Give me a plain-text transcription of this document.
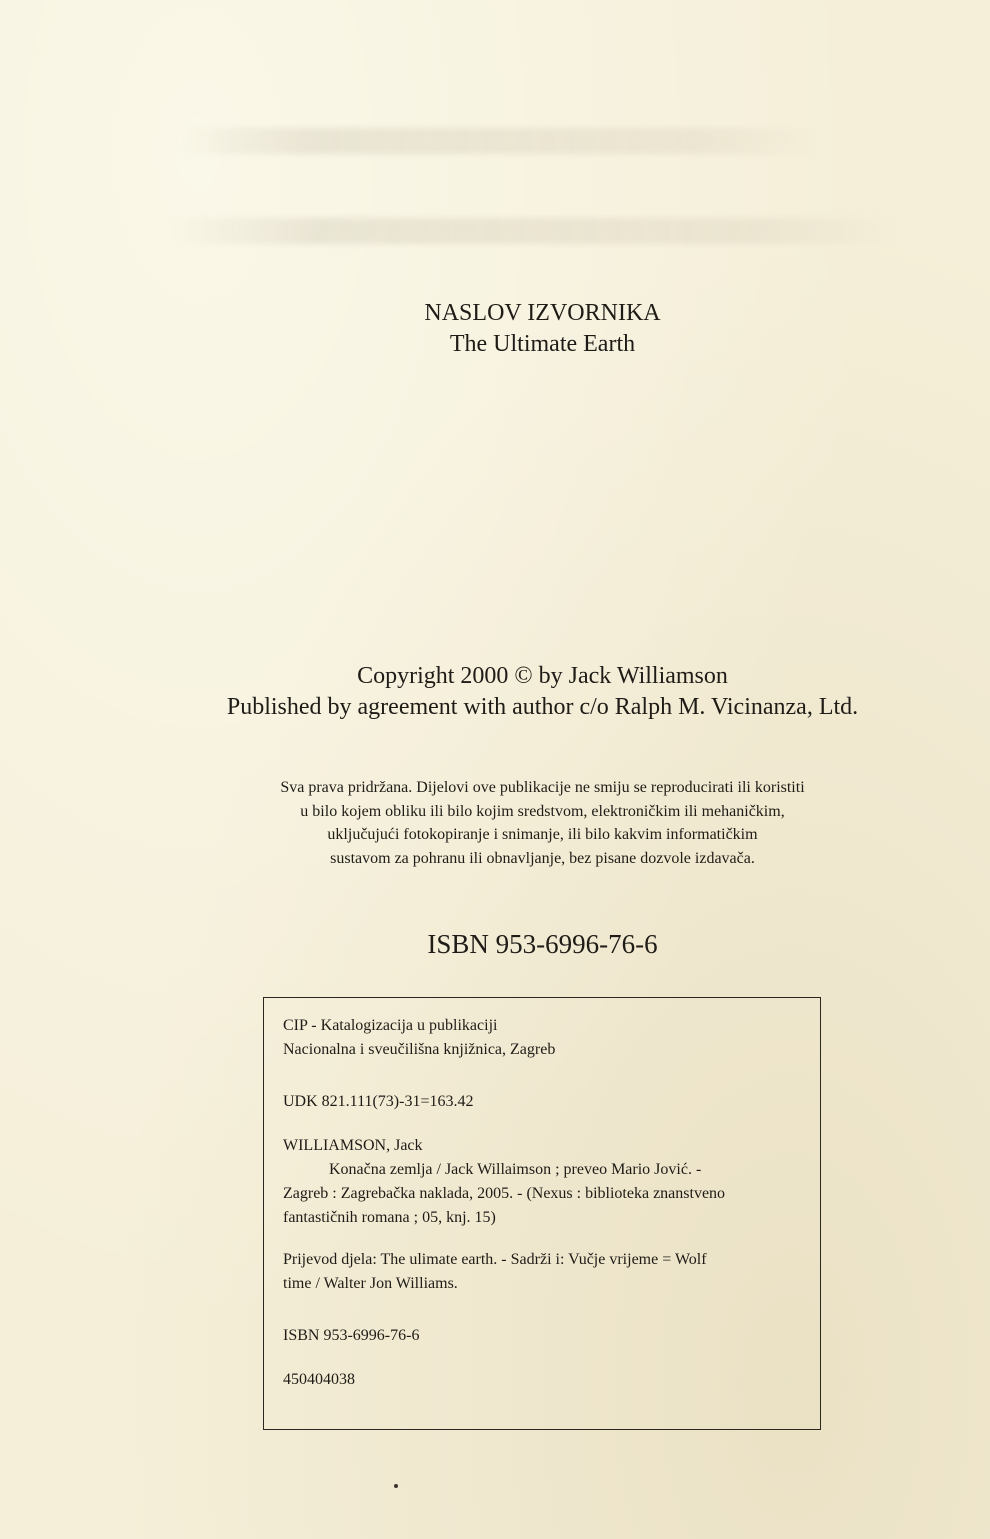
NASLOV IZVORNIKA
The Ultimate Earth
Copyright 2000 © by Jack Williamson
Published by agreement with author c/o Ralph M. Vicinanza, Ltd.
Sva prava pridržana. Dijelovi ove publikacije ne smiju se reproducirati ili koristiti
u bilo kojem obliku ili bilo kojim sredstvom, elektroničkim ili mehaničkim,
uključujući fotokopiranje i snimanje, ili bilo kakvim informatičkim
sustavom za pohranu ili obnavljanje, bez pisane dozvole izdavača.
ISBN 953-6996-76-6

CIP - Katalogizacija u publikaciji

Nacionalna i sveučilišna knjižnica, Zagreb

UDK 821.111(73)-31=163.42

WILLIAMSON, Jack

Konačna zemlja / Jack Willaimson ; preveo Mario Jović. -

Zagreb : Zagrebačka naklada, 2005. - (Nexus : biblioteka znanstveno

fantastičnih romana ; 05, knj. 15)

Prijevod djela: The ulimate earth. - Sadrži i: Vučje vrijeme = Wolf

time / Walter Jon Williams.

ISBN 953-6996-76-6

450404038
